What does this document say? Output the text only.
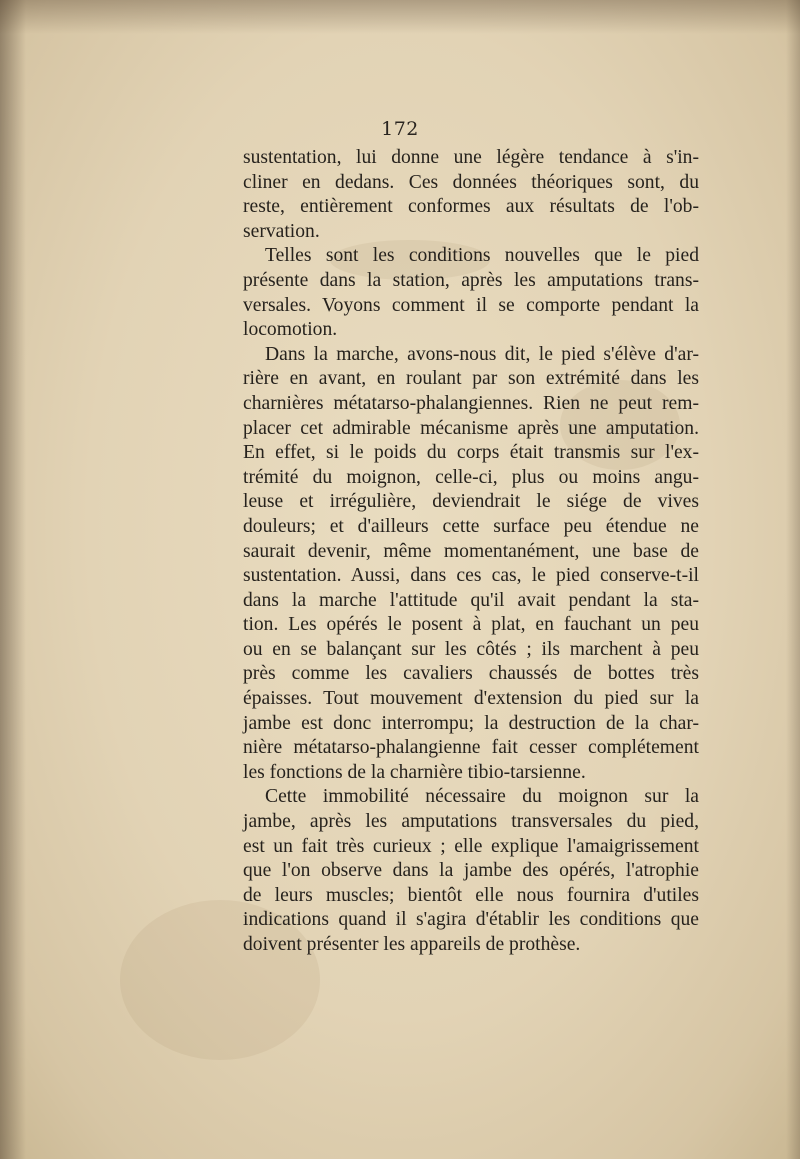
172
sustentation, lui donne une légère tendance à s'in-
cliner en dedans. Ces données théoriques sont, du
reste, entièrement conformes aux résultats de l'ob-
servation.
Telles sont les conditions nouvelles que le pied
présente dans la station, après les amputations trans-
versales. Voyons comment il se comporte pendant la
locomotion.
Dans la marche, avons-nous dit, le pied s'élève d'ar-
rière en avant, en roulant par son extrémité dans les
charnières métatarso-phalangiennes. Rien ne peut rem-
placer cet admirable mécanisme après une amputation.
En effet, si le poids du corps était transmis sur l'ex-
trémité du moignon, celle-ci, plus ou moins angu-
leuse et irrégulière, deviendrait le siége de vives
douleurs; et d'ailleurs cette surface peu étendue ne
saurait devenir, même momentanément, une base de
sustentation. Aussi, dans ces cas, le pied conserve-t-il
dans la marche l'attitude qu'il avait pendant la sta-
tion. Les opérés le posent à plat, en fauchant un peu
ou en se balançant sur les côtés ; ils marchent à peu
près comme les cavaliers chaussés de bottes très
épaisses. Tout mouvement d'extension du pied sur la
jambe est donc interrompu; la destruction de la char-
nière métatarso-phalangienne fait cesser complétement
les fonctions de la charnière tibio-tarsienne.
Cette immobilité nécessaire du moignon sur la
jambe, après les amputations transversales du pied,
est un fait très curieux ; elle explique l'amaigrissement
que l'on observe dans la jambe des opérés, l'atrophie
de leurs muscles; bientôt elle nous fournira d'utiles
indications quand il s'agira d'établir les conditions que
doivent présenter les appareils de prothèse.
